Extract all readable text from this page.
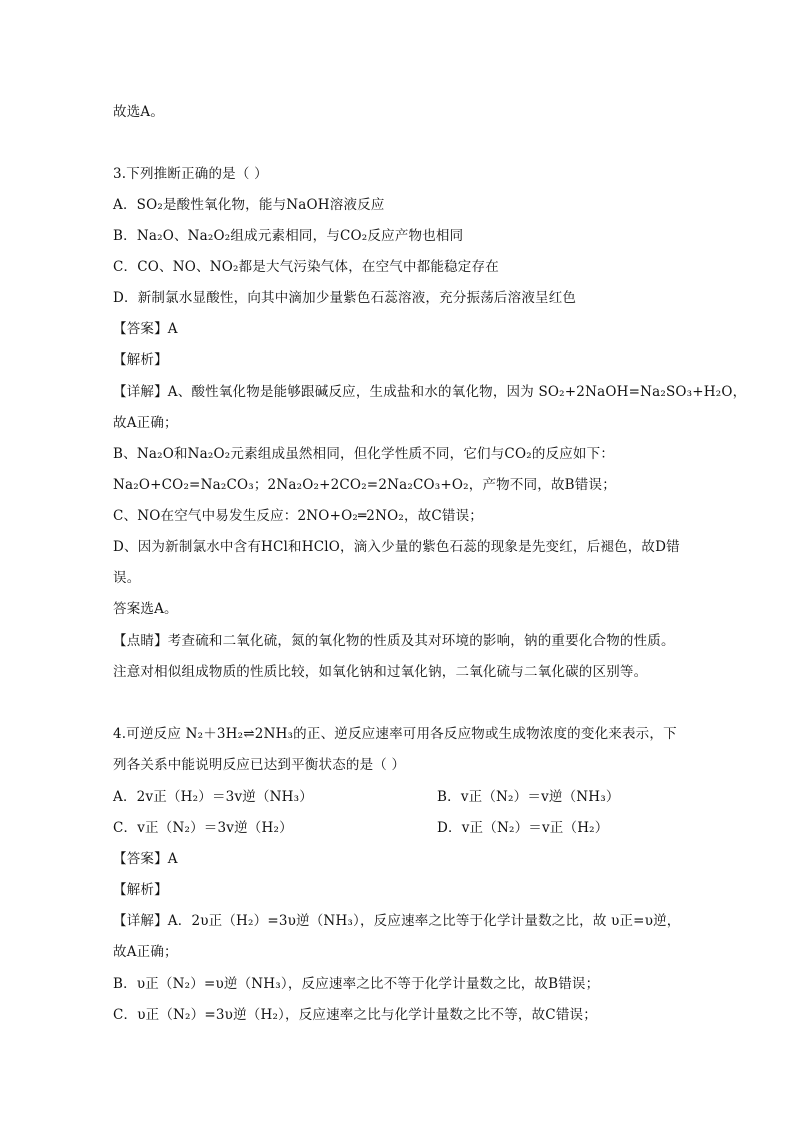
故选A。
3.下列推断正确的是（ ）
A．SO₂是酸性氧化物，能与NaOH溶液反应
B．Na₂O、Na₂O₂组成元素相同，与CO₂反应产物也相同
C．CO、NO、NO₂都是大气污染气体，在空气中都能稳定存在
D．新制氯水显酸性，向其中滴加少量紫色石蕊溶液，充分振荡后溶液呈红色
【答案】A
【解析】
【详解】A、酸性氧化物是能够跟碱反应，生成盐和水的氧化物，因为 SO₂+2NaOH=Na₂SO₃+H₂O，
故A正确；
B、Na₂O和Na₂O₂元素组成虽然相同，但化学性质不同，它们与CO₂的反应如下：
Na₂O+CO₂=Na₂CO₃；2Na₂O₂+2CO₂=2Na₂CO₃+O₂，产物不同，故B错误；
C、NO在空气中易发生反应：2NO+O₂═2NO₂，故C错误；
D、因为新制氯水中含有HCl和HClO，滴入少量的紫色石蕊的现象是先变红，后褪色，故D错
误。
答案选A。
【点睛】考查硫和二氧化硫，氮的氧化物的性质及其对环境的影响，钠的重要化合物的性质。
注意对相似组成物质的性质比较，如氧化钠和过氧化钠，二氧化硫与二氧化碳的区别等。
4.可逆反应 N₂＋3H₂⇌2NH₃的正、逆反应速率可用各反应物或生成物浓度的变化来表示，下
列各关系中能说明反应已达到平衡状态的是（ ）
A．2v正（H₂）＝3v逆（NH₃）	B．v正（N₂）＝v逆（NH₃）
C．v正（N₂）＝3v逆（H₂）	D．v正（N₂）＝v正（H₂）
【答案】A
【解析】
【详解】A．2υ正（H₂）=3υ逆（NH₃），反应速率之比等于化学计量数之比，故 υ正=υ逆，
故A正确；
B．υ正（N₂）=υ逆（NH₃），反应速率之比不等于化学计量数之比，故B错误；
C．υ正（N₂）=3υ逆（H₂），反应速率之比与化学计量数之比不等，故C错误；
